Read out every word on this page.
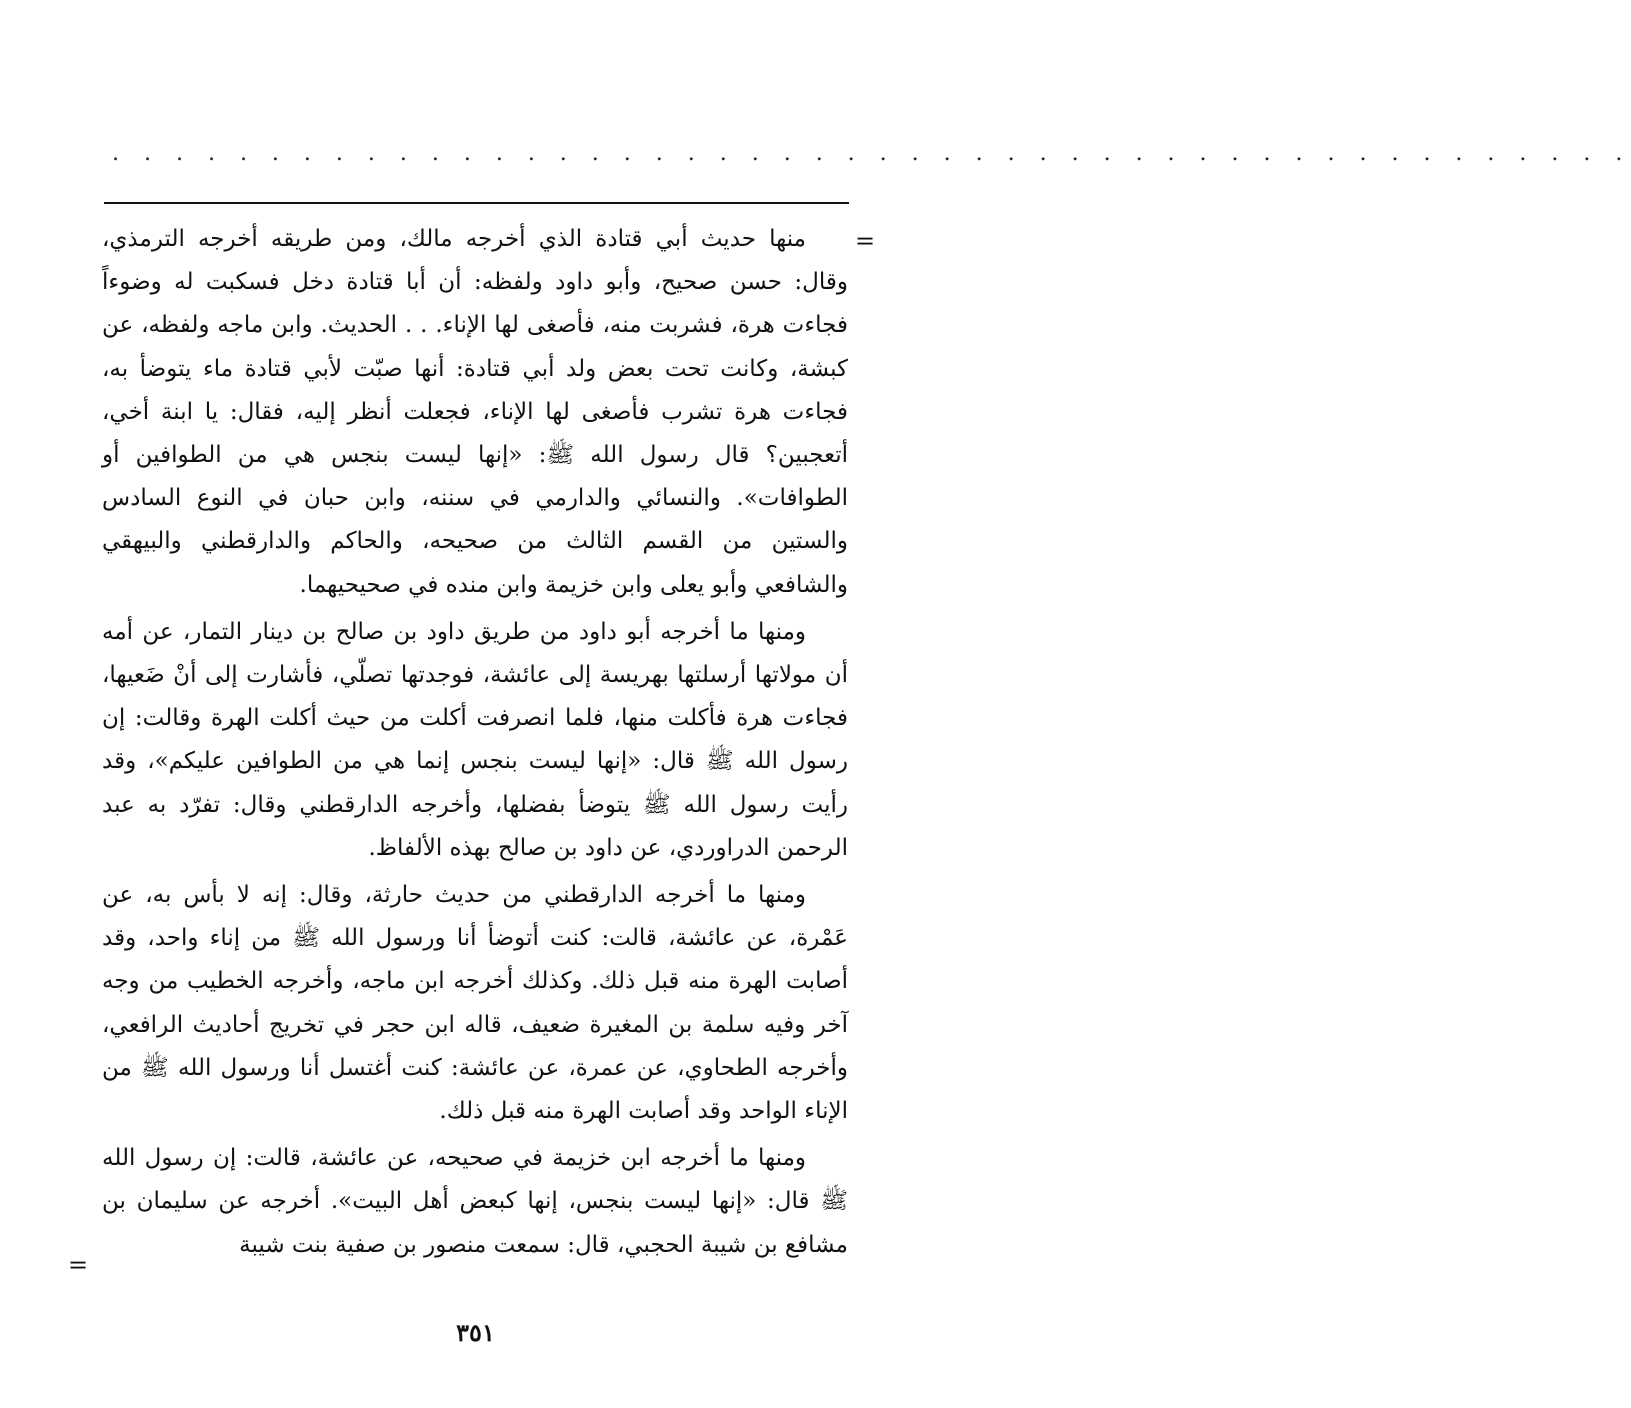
. . . . . . . . . . . . . . . . . . . . . . . . . . . . . . . . . . . . . . . . . . . . . . . .
=

منها حديث أبي قتادة الذي أخرجه مالك، ومن طريقه أخرجه الترمذي، وقال: حسن صحيح، وأبو داود ولفظه: أن أبا قتادة دخل فسكبت له وضوءاً فجاءت هرة، فشربت منه، فأصغى لها الإناء. . . الحديث. وابن ماجه ولفظه، عن كبشة، وكانت تحت بعض ولد أبي قتادة: أنها صبّت لأبي قتادة ماء يتوضأ به، فجاءت هرة تشرب فأصغى لها الإناء، فجعلت أنظر إليه، فقال: يا ابنة أخي، أتعجبين؟ قال رسول الله ﷺ: «إنها ليست بنجس هي من الطوافين أو الطوافات». والنسائي والدارمي في سننه، وابن حبان في النوع السادس والستين من القسم الثالث من صحيحه، والحاكم والدارقطني والبيهقي والشافعي وأبو يعلى وابن خزيمة وابن منده في صحيحيهما.

ومنها ما أخرجه أبو داود من طريق داود بن صالح بن دينار التمار، عن أمه أن مولاتها أرسلتها بهريسة إلى عائشة، فوجدتها تصلّي، فأشارت إلى أنْ ضَعيها، فجاءت هرة فأكلت منها، فلما انصرفت أكلت من حيث أكلت الهرة وقالت: إن رسول الله ﷺ قال: «إنها ليست بنجس إنما هي من الطوافين عليكم»، وقد رأيت رسول الله ﷺ يتوضأ بفضلها، وأخرجه الدارقطني وقال: تفرّد به عبد الرحمن الدراوردي، عن داود بن صالح بهذه الألفاظ.

ومنها ما أخرجه الدارقطني من حديث حارثة، وقال: إنه لا بأس به، عن عَمْرة، عن عائشة، قالت: كنت أتوضأ أنا ورسول الله ﷺ من إناء واحد، وقد أصابت الهرة منه قبل ذلك. وكذلك أخرجه ابن ماجه، وأخرجه الخطيب من وجه آخر وفيه سلمة بن المغيرة ضعيف، قاله ابن حجر في تخريج أحاديث الرافعي، وأخرجه الطحاوي، عن عمرة، عن عائشة: كنت أغتسل أنا ورسول الله ﷺ من الإناء الواحد وقد أصابت الهرة منه قبل ذلك.

ومنها ما أخرجه ابن خزيمة في صحيحه، عن عائشة، قالت: إن رسول الله ﷺ قال: «إنها ليست بنجس، إنها كبعض أهل البيت». أخرجه عن سليمان بن مشافع بن شيبة الحجبي، قال: سمعت منصور بن صفية بنت شيبة

=
٣٥١
